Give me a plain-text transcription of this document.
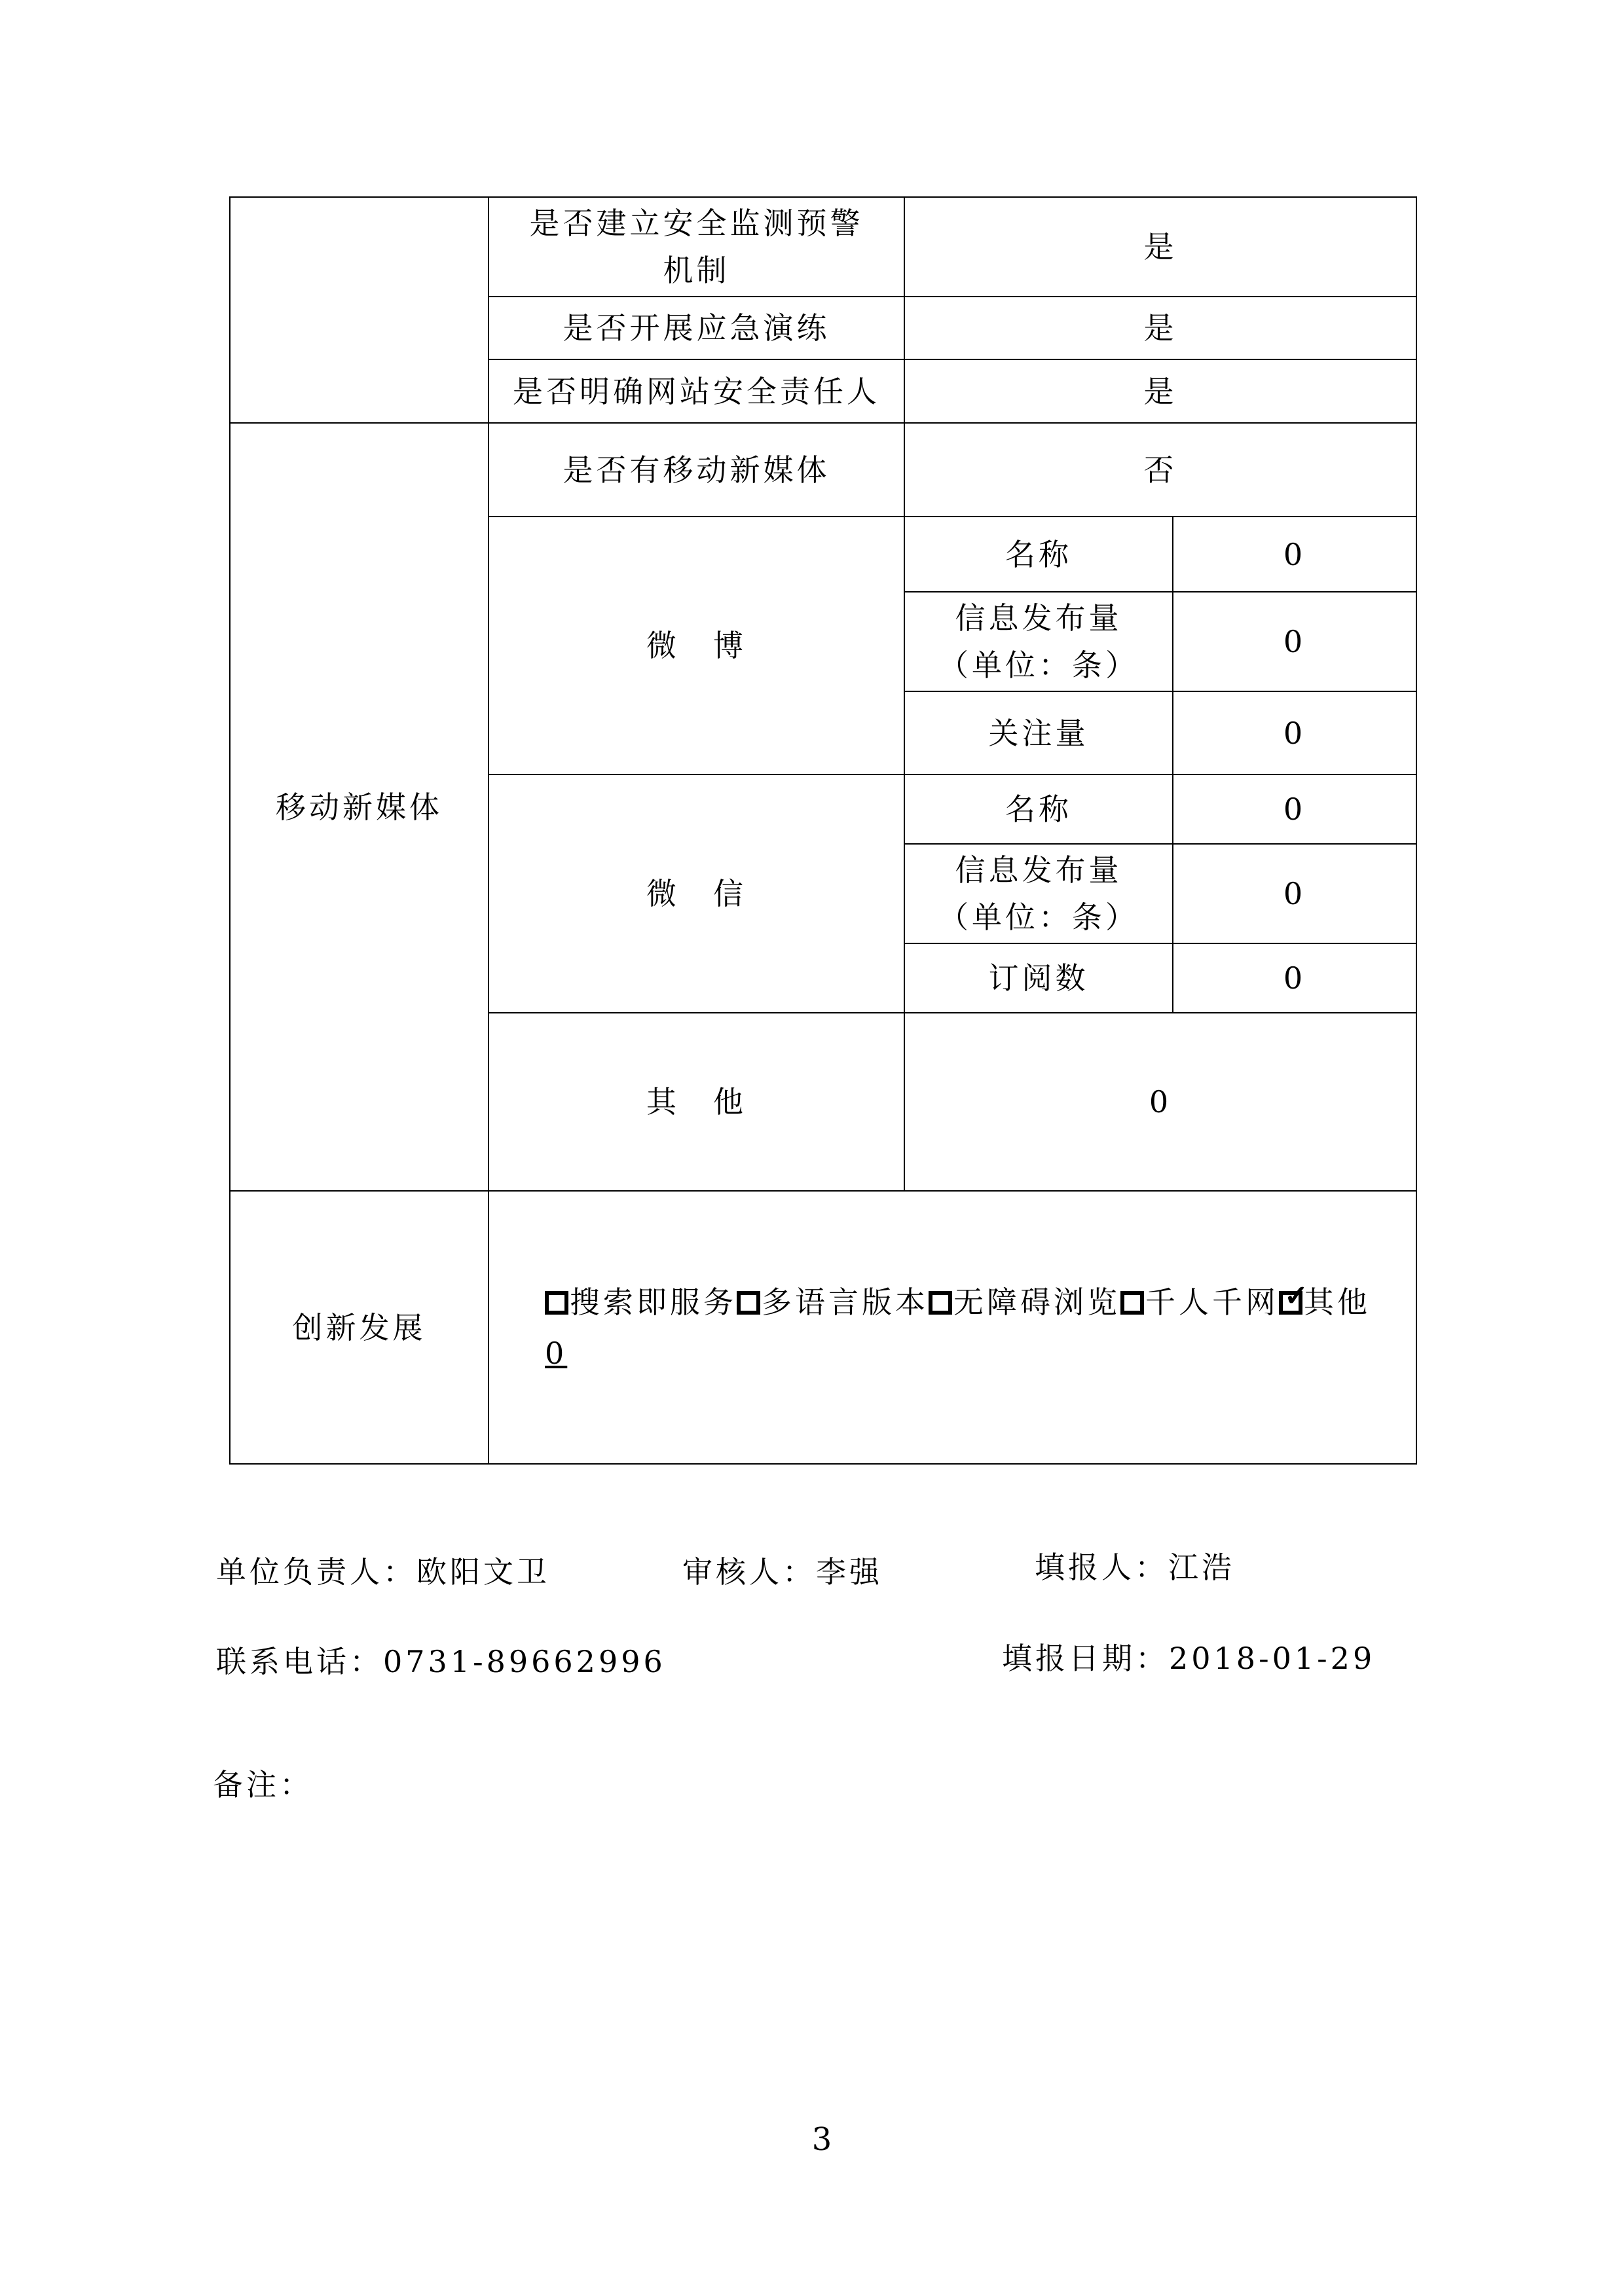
	是否建立安全监测预警机制	是	
	是否开展应急演练	是	
	是否明确网站安全责任人	是	
移动新媒体	是否有移动新媒体	否	
	微　博	名称	0
		信息发布量（单位：条）	0
		关注量	0
	微　信	名称	0
		信息发布量（单位：条）	0
		订阅数	0
	其　他	0	
创新发展	搜索即服务 多语言版本 无障碍浏览 千人千网 ✓
其他
0		
单位负责人：欧阳文卫	审核人：李强	填报人：江浩
联系电话：0731-89662996	填报日期：2018-01-29
备注：
3
